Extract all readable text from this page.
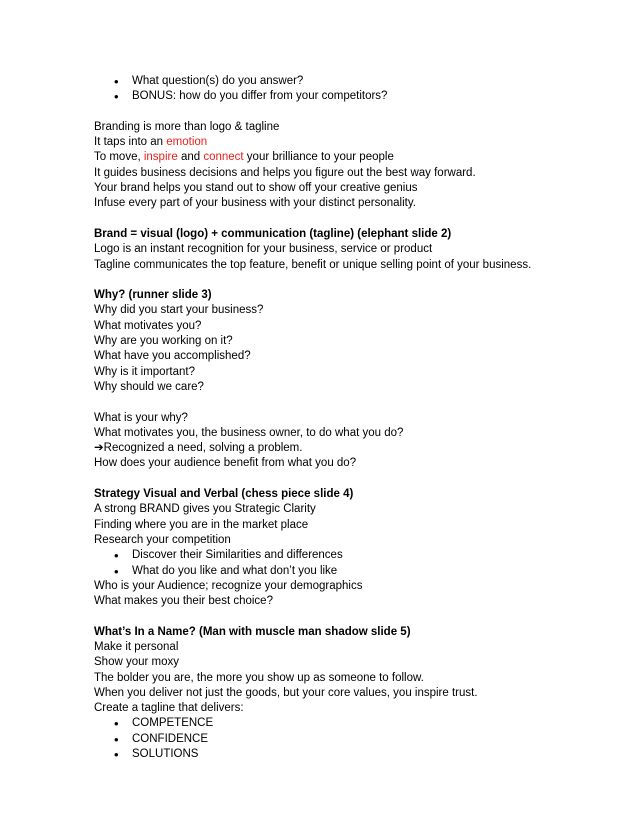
• What question(s) do you answer?
• BONUS: how do you differ from your competitors?
Branding is more than logo & tagline
It taps into an emotion
To move, inspire and connect your brilliance to your people
It guides business decisions and helps you figure out the best way forward.
Your brand helps you stand out to show off your creative genius
Infuse every part of your business with your distinct personality.
Brand = visual (logo) + communication (tagline) (elephant slide 2)
Logo is an instant recognition for your business, service or product
Tagline communicates the top feature, benefit or unique selling point of your business.
Why? (runner slide 3)
Why did you start your business?
What motivates you?
Why are you working on it?
What have you accomplished?
Why is it important?
Why should we care?
What is your why?
What motivates you, the business owner, to do what you do?
➔Recognized a need, solving a problem.
How does your audience benefit from what you do?
Strategy Visual and Verbal (chess piece slide 4)
A strong BRAND gives you Strategic Clarity
Finding where you are in the market place
Research your competition
• Discover their Similarities and differences
• What do you like and what don’t you like
Who is your Audience; recognize your demographics
What makes you their best choice?
What’s In a Name? (Man with muscle man shadow slide 5)
Make it personal
Show your moxy
The bolder you are, the more you show up as someone to follow.
When you deliver not just the goods, but your core values, you inspire trust.
Create a tagline that delivers:
• COMPETENCE
• CONFIDENCE
• SOLUTIONS
